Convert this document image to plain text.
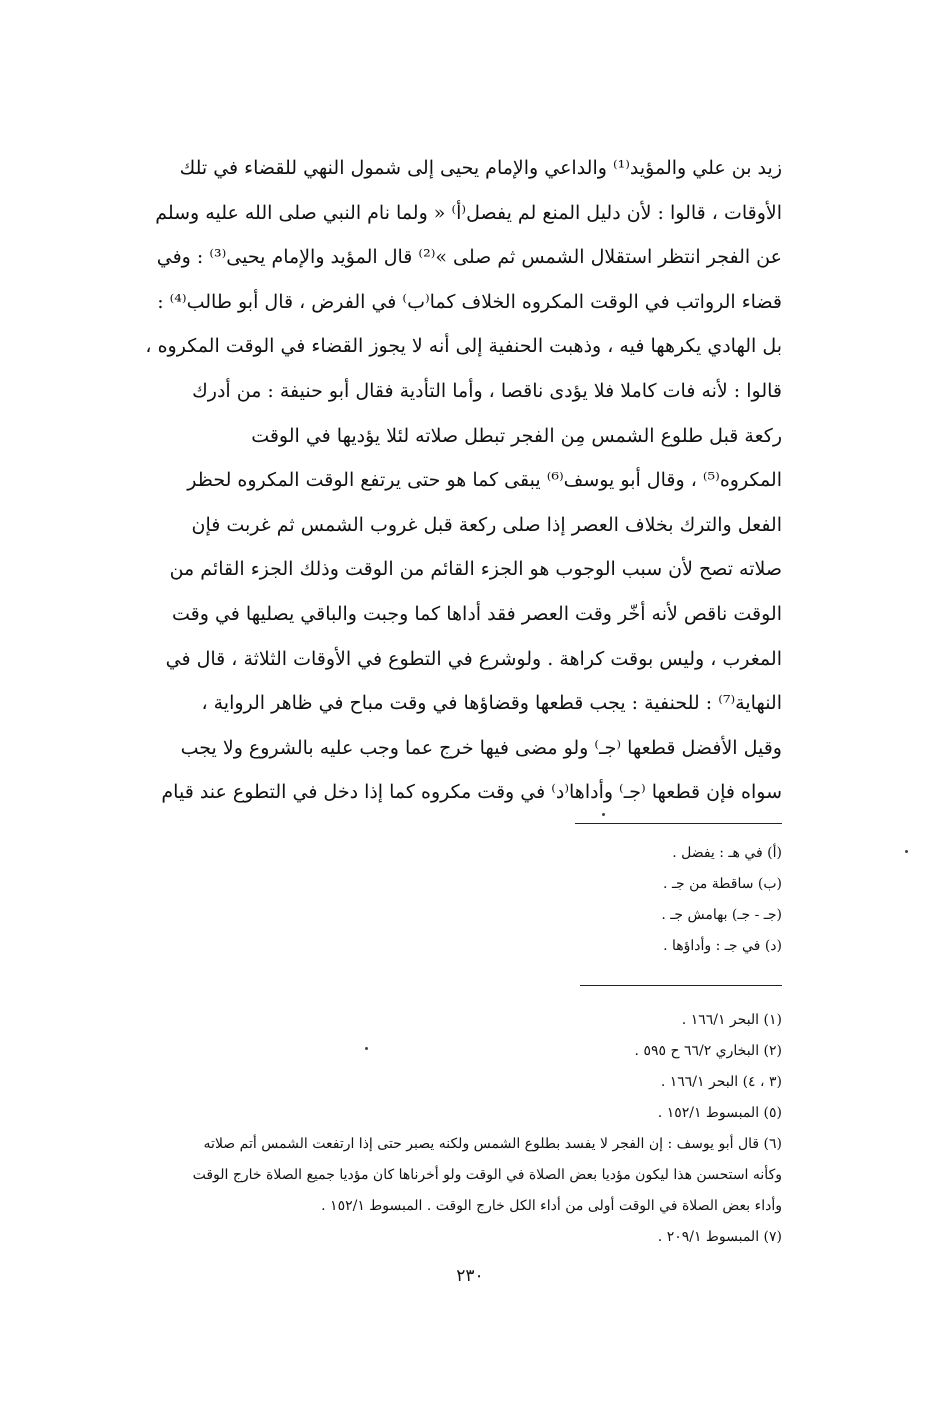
زيد بن علي والمؤيد⁽¹⁾ والداعي والإمام يحيى إلى شمول النهي للقضاء في تلك
الأوقات ، قالوا : لأن دليل المنع لم يفصل⁽أ⁾ « ولما نام النبي صلى الله عليه وسلم
عن الفجر انتظر استقلال الشمس ثم صلى »⁽²⁾ قال المؤيد والإمام يحيى⁽³⁾ : وفي
قضاء الرواتب في الوقت المكروه الخلاف كما⁽ب⁾ في الفرض ، قال أبو طالب⁽⁴⁾ :
بل الهادي يكرهها فيه ، وذهبت الحنفية إلى أنه لا يجوز القضاء في الوقت المكروه ،
قالوا : لأنه فات كاملا فلا يؤدى ناقصا ، وأما التأدية فقال أبو حنيفة : من أدرك
ركعة قبل طلوع الشمس مِن الفجر تبطل صلاته لئلا يؤديها في الوقت
المكروه⁽⁵⁾ ، وقال أبو يوسف⁽⁶⁾ يبقى كما هو حتى يرتفع الوقت المكروه لحظر
الفعل والترك بخلاف العصر إذا صلى ركعة قبل غروب الشمس ثم غربت فإن
صلاته تصح لأن سبب الوجوب هو الجزء القائم من الوقت وذلك الجزء القائم من
الوقت ناقص لأنه أخّر وقت العصر فقد أداها كما وجبت والباقي يصليها في وقت
المغرب ، وليس بوقت كراهة . ولوشرع في التطوع في الأوقات الثلاثة ، قال في
النهاية⁽⁷⁾ : للحنفية : يجب قطعها وقضاؤها في وقت مباح في ظاهر الرواية ،
وقيل الأفضل قطعها ⁽جـ⁾ ولو مضى فيها خرج عما وجب عليه بالشروع ولا يجب
سواه فإن قطعها ⁽جـ⁾ وأداها⁽د⁾ في وقت مكروه كما إذا دخل في التطوع عند قيام
(أ) في هـ : يفضل .
(ب) ساقطة من جـ .
(جـ - جـ) بهامش جـ .
(د) في جـ : وأداؤها .
(١) البحر ١٦٦/١ .
(٢) البخاري ٦٦/٢ ح ٥٩٥ .
(٣ ، ٤) البحر ١٦٦/١ .
(٥) المبسوط ١٥٢/١ .
(٦) قال أبو يوسف : إن الفجر لا يفسد بطلوع الشمس ولكنه يصبر حتى إذا ارتفعت الشمس أتم صلاته
وكأنه استحسن هذا ليكون مؤديا بعض الصلاة في الوقت ولو أخرناها كان مؤديا جميع الصلاة خارج الوقت
وأداء بعض الصلاة في الوقت أولى من أداء الكل خارج الوقت . المبسوط ١٥٢/١ .
(٧) المبسوط ٢٠٩/١ .
٢٣٠
